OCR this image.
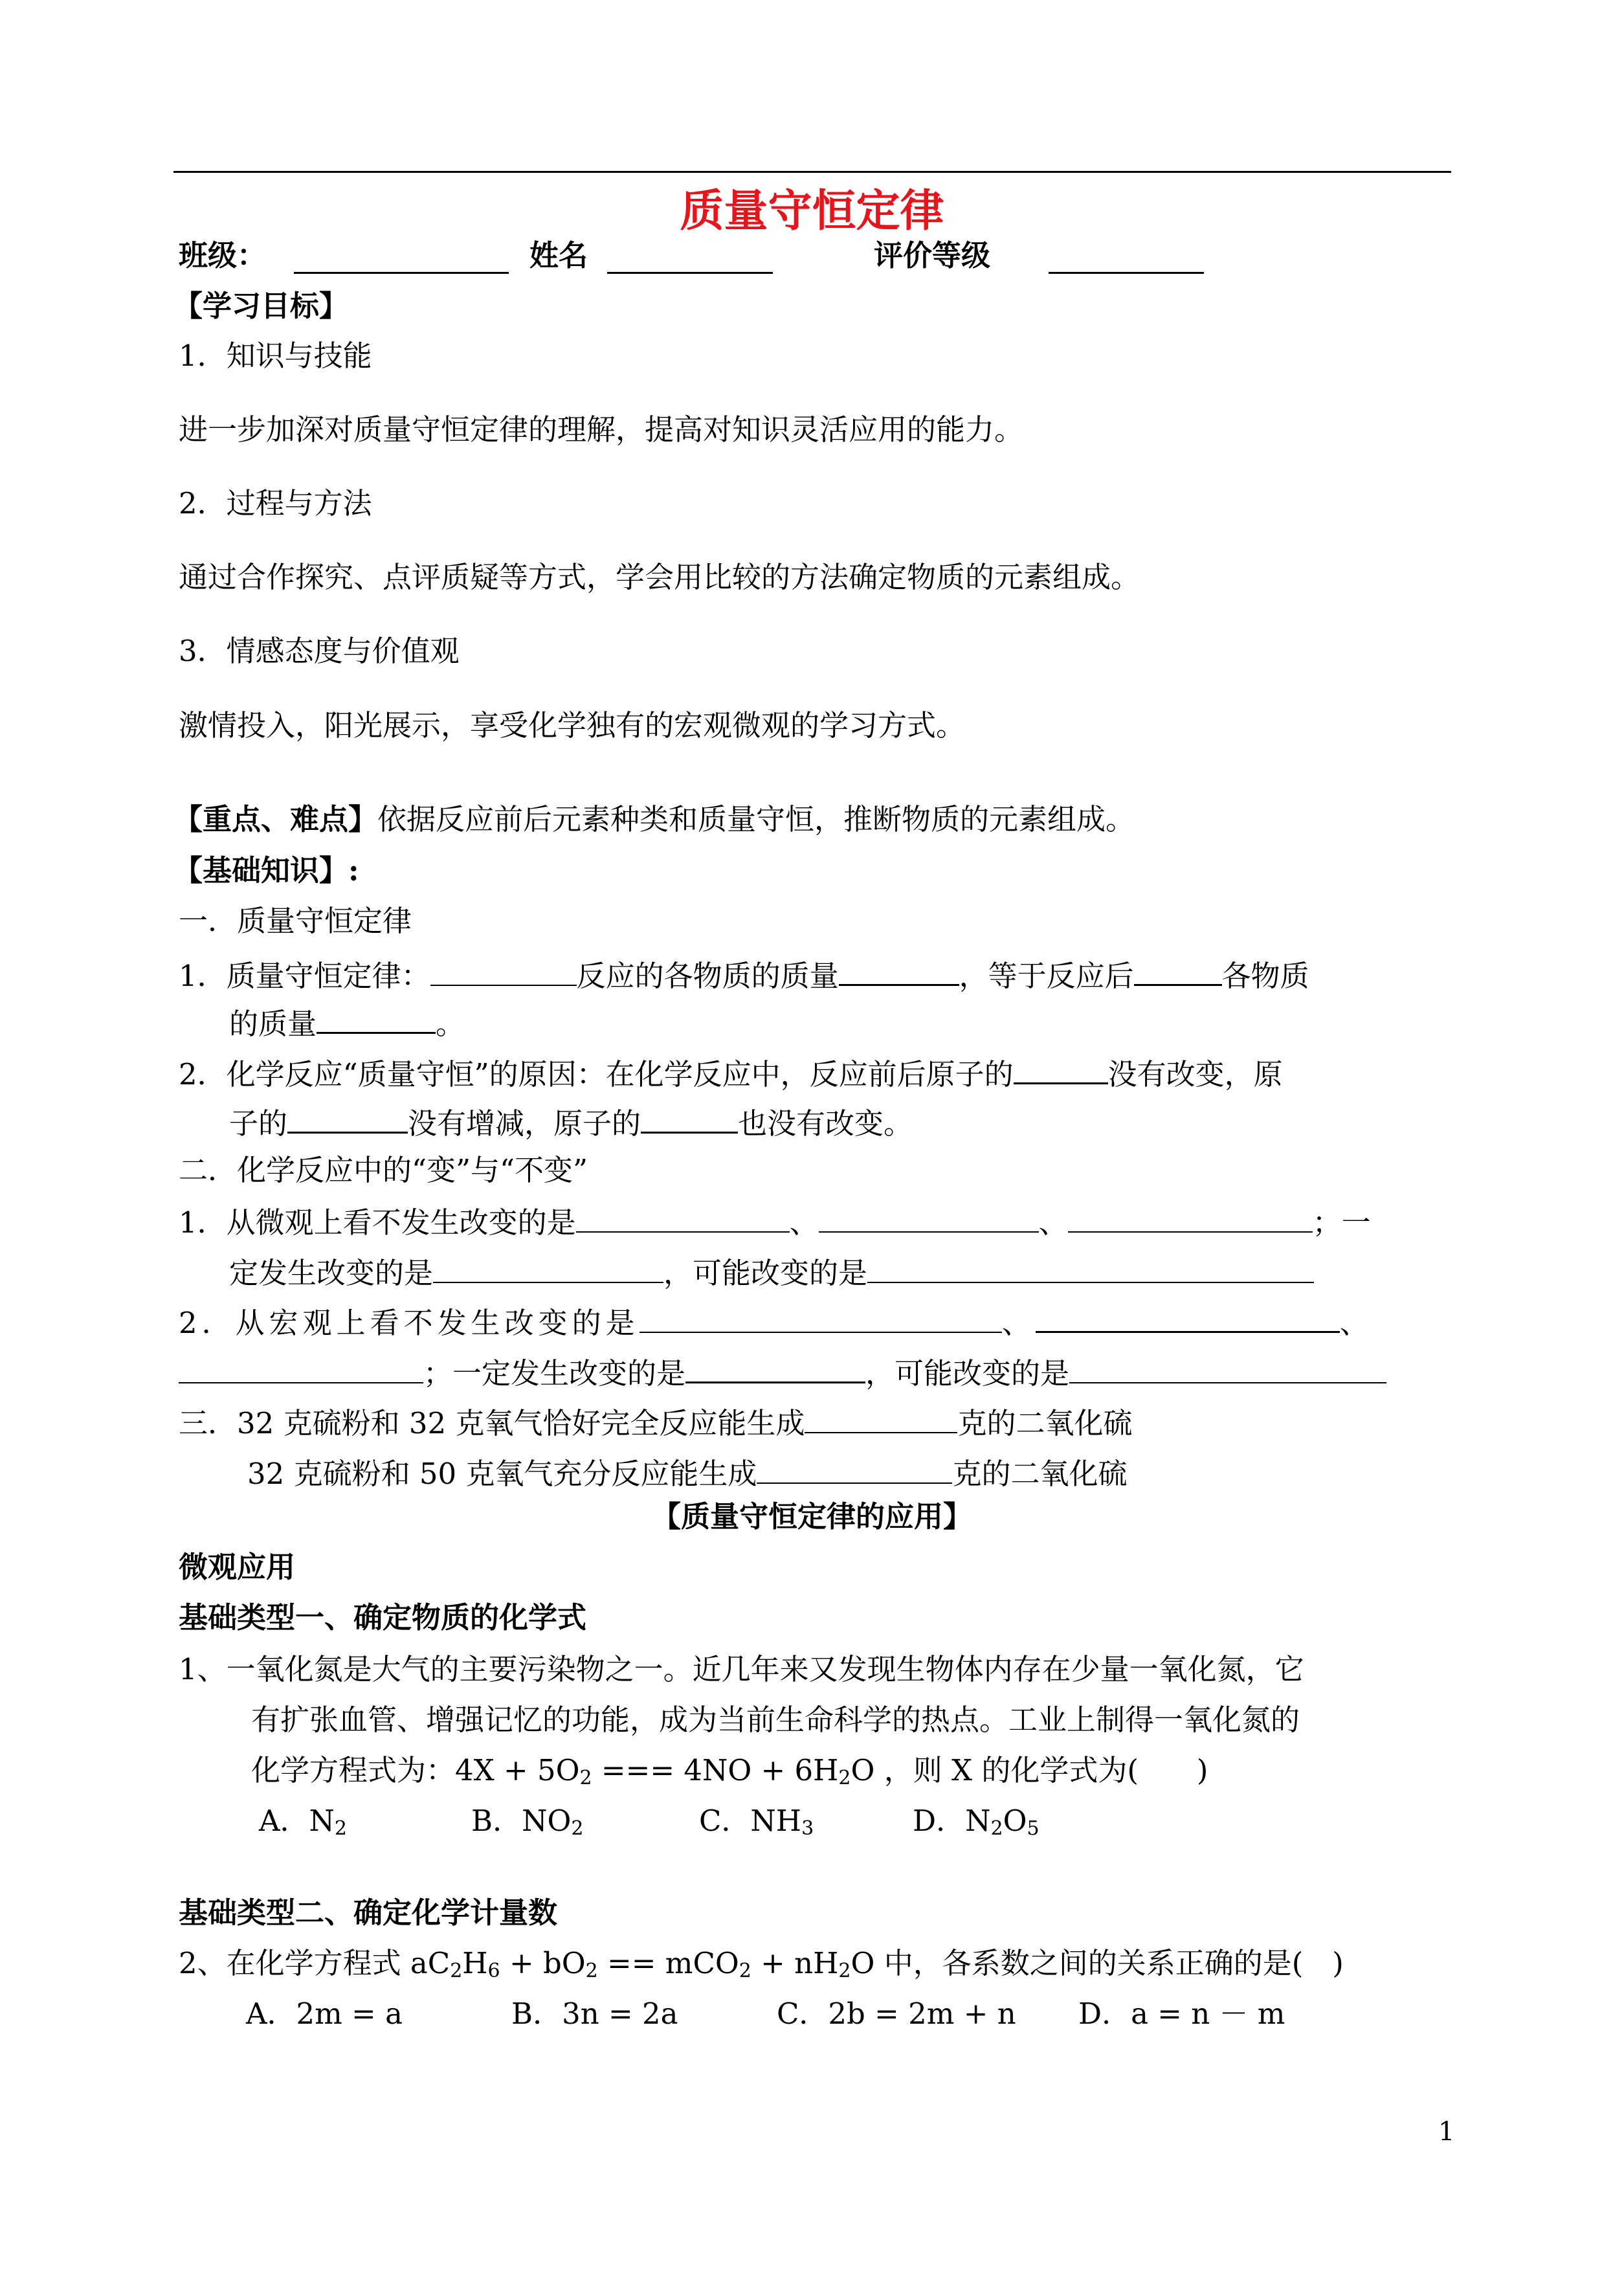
质量守恒定律
班级：	姓名	评价等级
【学习目标】
1．知识与技能
进一步加深对质量守恒定律的理解，提高对知识灵活应用的能力。
2．过程与方法
通过合作探究、点评质疑等方式，学会用比较的方法确定物质的元素组成。
3．情感态度与价值观
激情投入，阳光展示，享受化学独有的宏观微观的学习方式。
【重点、难点】依据反应前后元素种类和质量守恒，推断物质的元素组成。
【基础知识】:
一．质量守恒定律
1．质量守恒定律：	反应的各物质的质量	，等于反应后	各物质
的质量	。
2．化学反应“质量守恒”的原因：在化学反应中，反应前后原子的	没有改变，原
子的	没有增减，原子的	也没有改变。
二．化学反应中的“变”与“不变”
1．从微观上看不发生改变的是	、	、	；一
定发生改变的是	，可能改变的是
2．从宏观上看不发生改变的是	、	、
；一定发生改变的是	，可能改变的是
三．32 克硫粉和 32 克氧气恰好完全反应能生成	克的二氧化硫
32 克硫粉和 50 克氧气充分反应能生成	克的二氧化硫
【质量守恒定律的应用】
微观应用
基础类型一、确定物质的化学式
1、一氧化氮是大气的主要污染物之一。近几年来又发现生物体内存在少量一氧化氮，它
有扩张血管、增强记忆的功能，成为当前生命科学的热点。工业上制得一氧化氮的
化学方程式为：$4X + 5O_2$ === $4NO + 6H_2O$ ，则 X 的化学式为(　　)
A．$N_2$	B．$NO_2$	C．$NH_3$	D．$N_2O_5$
基础类型二、确定化学计量数
2、在化学方程式 $aC_2H_6 + bO_2 == mCO_2 + nH_2O$ 中，各系数之间的关系正确的是(　)
A．2m = a	B．3n = 2a	C．2b = 2m + n D．a = n － m
1
